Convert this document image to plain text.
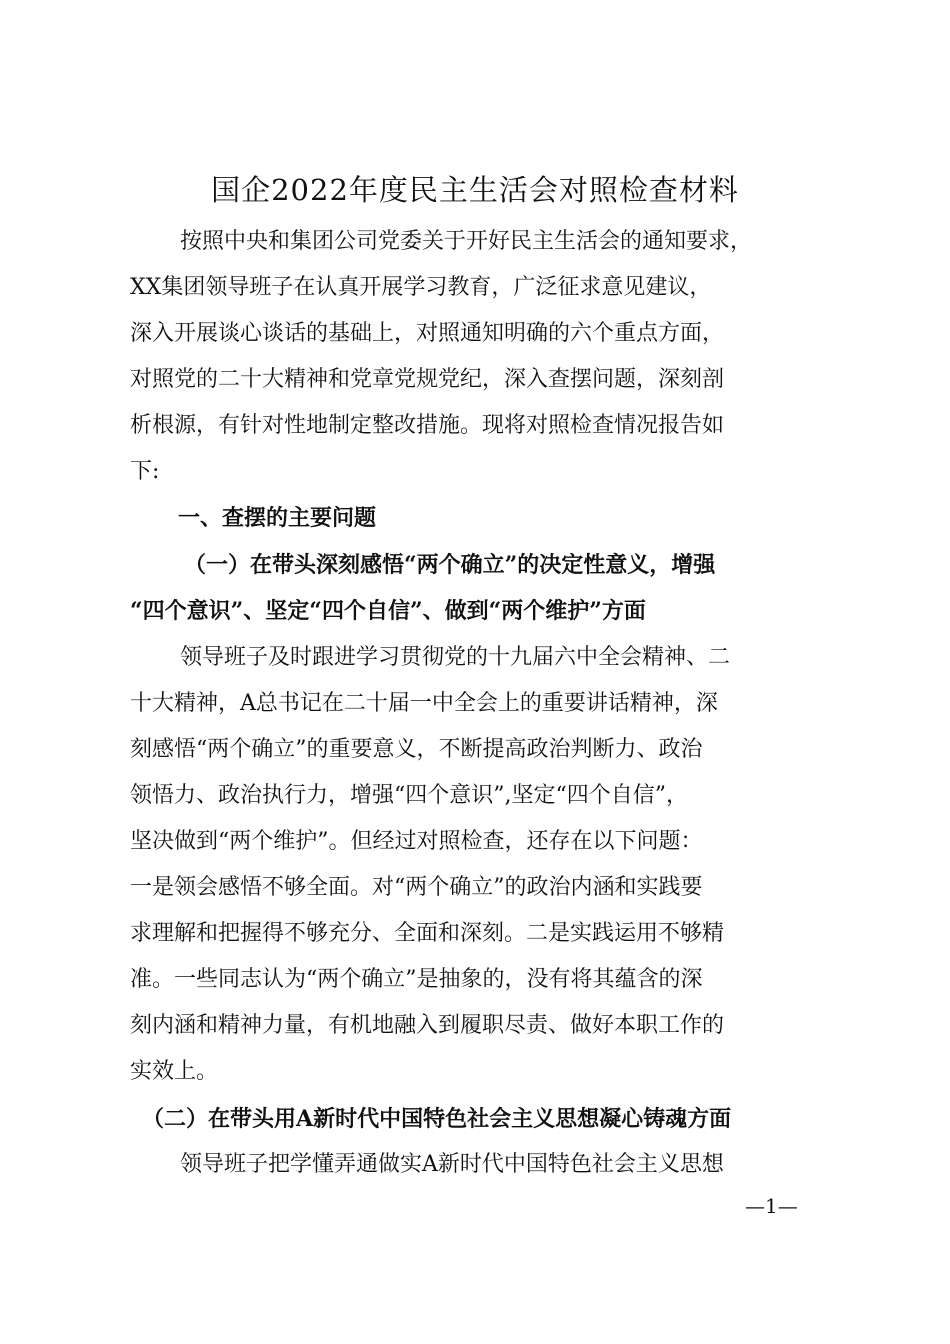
国企2022年度民主生活会对照检查材料
按照中央和集团公司党委关于开好民主生活会的通知要求，
XX集团领导班子在认真开展学习教育，广泛征求意见建议，
深入开展谈心谈话的基础上，对照通知明确的六个重点方面，
对照党的二十大精神和党章党规党纪，深入查摆问题，深刻剖
析根源，有针对性地制定整改措施。现将对照检查情况报告如
下:
一、查摆的主要问题
（一）在带头深刻感悟“两个确立”的决定性意义，增强
“四个意识”、坚定“四个自信”、做到“两个维护”方面
领导班子及时跟进学习贯彻党的十九届六中全会精神、二
十大精神，A总书记在二十届一中全会上的重要讲话精神，深
刻感悟“两个确立”的重要意义，不断提高政治判断力、政治
领悟力、政治执行力，增强“四个意识”,坚定“四个自信”，
坚决做到“两个维护”。但经过对照检查，还存在以下问题：
一是领会感悟不够全面。对“两个确立”的政治内涵和实践要
求理解和把握得不够充分、全面和深刻。二是实践运用不够精
准。一些同志认为“两个确立”是抽象的，没有将其蕴含的深
刻内涵和精神力量，有机地融入到履职尽责、做好本职工作的
实效上。
（二）在带头用A新时代中国特色社会主义思想凝心铸魂方面
领导班子把学懂弄通做实A新时代中国特色社会主义思想
—1—
